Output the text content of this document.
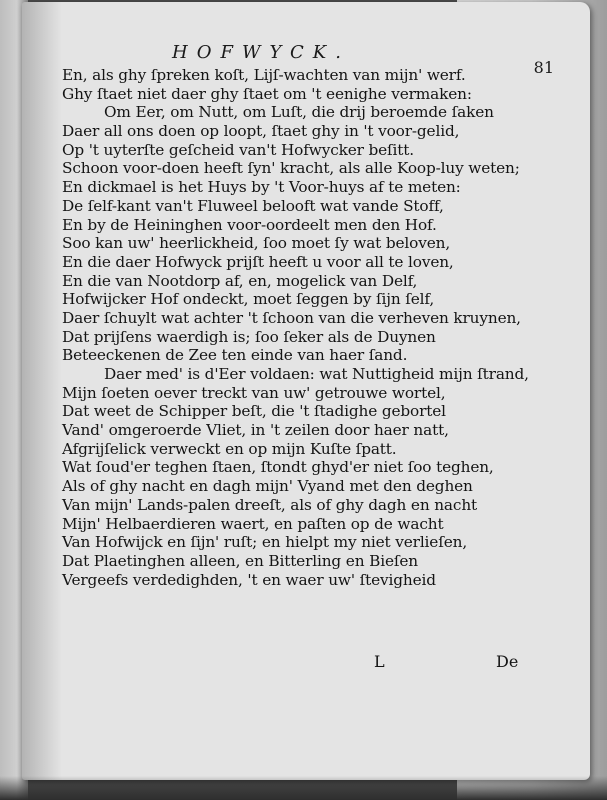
HOFWYCK.
81
En, als ghy ſpreken koſt, Lijſ-wachten van mijn' werf.
Ghy ſtaet niet daer ghy ſtaet om 't eenighe vermaken:
Om Eer, om Nutt, om Luſt, die drij beroemde ſaken
Daer all ons doen op loopt, ſtaet ghy in 't voor-gelid,
Op 't uyterſte geſcheid van't Hofwycker beſitt.
Schoon voor-doen heeft ſyn' kracht, als alle Koop-luy weten;
En dickmael is het Huys by 't Voor-huys af te meten:
De ſelf-kant van't Fluweel belooft wat vande Stoff,
En by de Heininghen voor-oordeelt men den Hof.
Soo kan uw' heerlickheid, ſoo moet ſy wat beloven,
En die daer Hofwyck prijſt heeft u voor all te loven,
En die van Nootdorp af, en, mogelick van Delf,
Hofwijcker Hof ondeckt, moet ſeggen by ſijn ſelf,
Daer ſchuylt wat achter 't ſchoon van die verheven kruynen,
Dat prijſens waerdigh is; ſoo ſeker als de Duynen
Beteeckenen de Zee ten einde van haer ſand.
Daer med' is d'Eer voldaen: wat Nuttigheid mijn ſtrand,
Mijn ſoeten oever treckt van uw' getrouwe wortel,
Dat weet de Schipper beſt, die 't ſtadighe gebortel
Vand' omgeroerde Vliet, in 't zeilen door haer natt,
Afgrijſelick verweckt en op mijn Kuſte ſpatt.
Wat ſoud'er teghen ſtaen, ſtondt ghyd'er niet ſoo teghen,
Als of ghy nacht en dagh mijn' Vyand met den deghen
Van mijn' Lands-palen dreeſt, als of ghy dagh en nacht
Mijn' Helbaerdieren waert, en paſten op de wacht
Van Hofwijck en ſijn' ruſt; en hielpt my niet verlieſen,
Dat Plaetinghen alleen, en Bitterling en Bieſen
Vergeefs verdedighden, 't en waer uw' ſtevigheid
L	De
